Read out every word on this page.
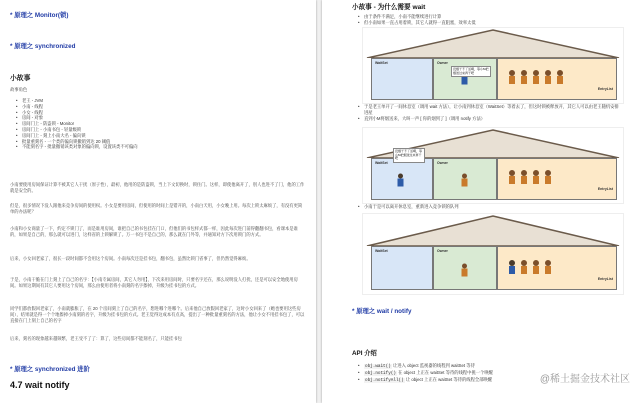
* 原理之 Monitor(锁)
* 原理之 synchronized
小故事
故事角色
• 老王 - JVM
• 小南 - 线程
• 小女 - 线程
• 房间 - 对象
• 房间门上 - 防盗锁 - Monitor
• 房间门上 - 小南书包 - 轻量级锁
• 房间门上 - 刻上小南大名 - 偏向锁
• 批量重刻名 - 一个类的偏向锁撤销到达 20 阈值
• 不能刻名字 - 批量撤销该类对象的偏向锁，设置该类不可偏向
小南要使用房间保证计算不被其它人干扰（原子性），最初，他用的是防盗锁，当上下文切换时，锁住门。这样，即使他离开了，别人也进不了门，他的工作就是安全的。
但是，很多情况下没人跟他来竞争房间的使用权。小女是要用房间，但使用的时间上是错开的，小南白天用，小女晚上用。每次上锁太麻烦了，有没有更简单的办法呢？
小南和小女商量了一下，约定不锁门了，而是谁用房间，谁把自己的书包挂在门口，但他们的书包样式都一样，因此每次进门前得翻翻书包，看课本是谁的，如果是自己的，那么就可以进门，这样省的上锁解锁了。万一书包不是自己的，那么就在门外等，并通知对方下次用锁门的方式。
后来，小女回老家了，很长一段时间都不会用这个房间。小南每次还是挂书包，翻书包，虽然比锁门省事了，但仍然觉得麻烦。
于是，小南干脆在门上刻上了自己的名字：【小南专属房间，其它人勿用】，下次来用房间时，只要名字还在，那么说明没人打扰，还是可以安全地使用房间。如果这期间有其它人要用这个房间，那么由使用者将小南刻的名字擦掉，升级为挂书包的方式。
同学们都放假回老家了，小南就膨胀了，在 20 个房间刻上了自己的名字，想进哪个进哪个。后来他自己放假回老家了，这时小女回来了（她也要用这些房间），结果就是得一个个地擦掉小南刻的名字，升级为挂书包的方式。老王觉得这成本有点高，提出了一种批量重刻名的方法，他让小女不用挂书包了，可以直接在门上刻上自己的名字
后来，刻名的现象越来越频繁，老王受不了了：算了，这些房间都不能刻名了，只能挂书包
* 原理之 synchronized 进阶
4.7 wait notify
小故事 - 为什么需要 wait
• 由于条件不满足，小南不能继续进行计算
• 但小南如果一直占用着锁，其它人就得一直阻塞，效率太低
WaitSet	Owner
EntryList
没烟干不了活啊，等小M把烟送过来再干吧
• 于是老王单开了一间休息室（调用 wait 方法），让小南到休息室（WaitSet）等着去了，但这时锁被释放开，其它人可以由老王随机安排进屋
• 直到小M将烟送来，大叫一声 [ 你的烟到了 ]（调用 notify 方法）
WaitSet	Owner
EntryList
没烟干不了活啊，等小M把烟送过来再干吧
• 小南于是可以离开休息室，重新进入竞争锁的队列
WaitSet	Owner
EntryList
* 原理之 wait / notify
API 介绍
• obj.wait() 让进入 object 监视器的线程到 waitSet 等待
• obj.notify() 在 object 上正在 waitSet 等待的线程中挑一个唤醒
• obj.notifyAll() 让 object 上正在 waitSet 等待的线程全部唤醒	@稀土掘金技术社区
